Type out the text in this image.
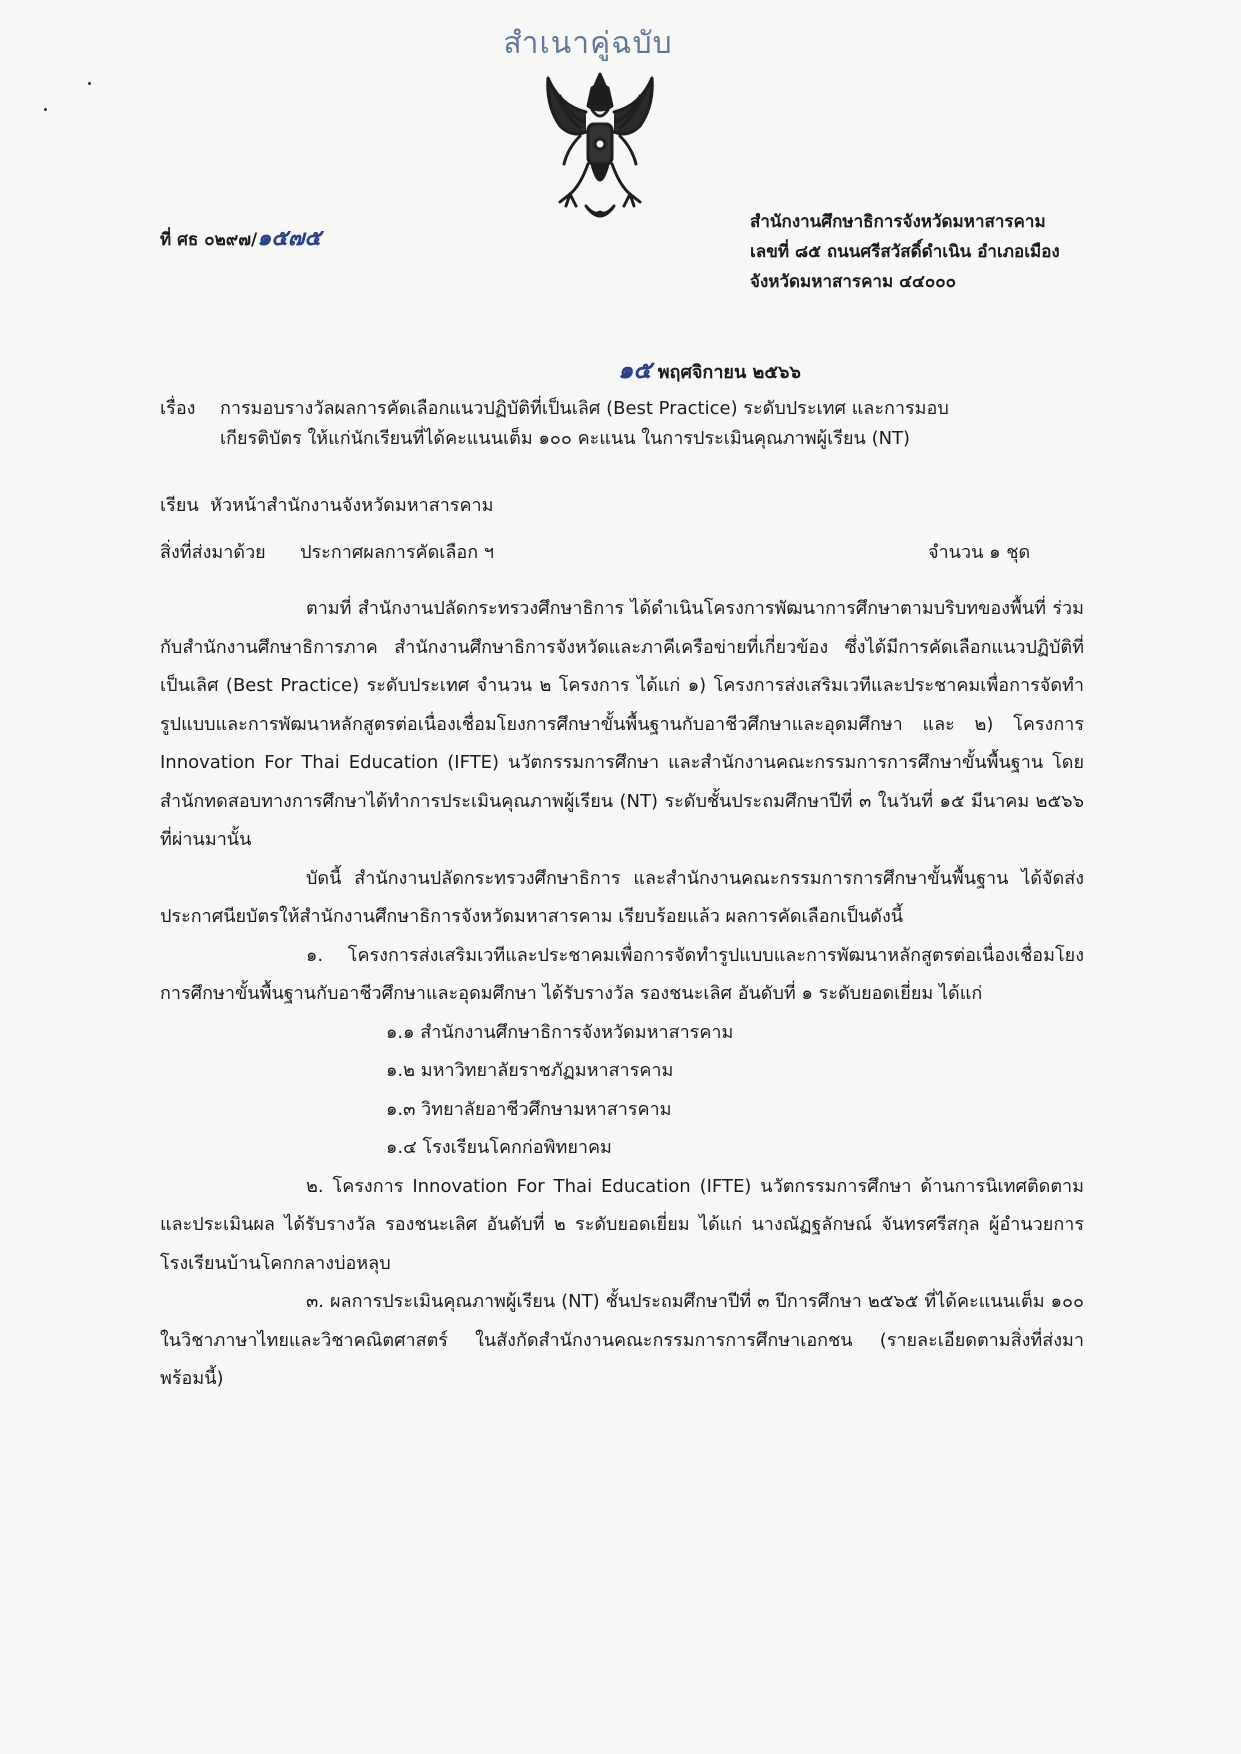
สำเนาคู่ฉบับ
ที่ ศธ ๐๒๙๗/๑๕๗๕
สำนักงานศึกษาธิการจังหวัดมหาสารคาม
เลขที่ ๘๕ ถนนศรีสวัสดิ์ดำเนิน อำเภอเมือง
จังหวัดมหาสารคาม ๔๔๐๐๐
๑๕ พฤศจิกายน ๒๕๖๖
เรื่อง การมอบรางวัลผลการคัดเลือกแนวปฏิบัติที่เป็นเลิศ (Best Practice) ระดับประเทศ และการมอบ
เกียรติบัตร ให้แก่นักเรียนที่ได้คะแนนเต็ม ๑๐๐ คะแนน ในการประเมินคุณภาพผู้เรียน (NT)
เรียน หัวหน้าสำนักงานจังหวัดมหาสารคาม
สิ่งที่ส่งมาด้วย ประกาศผลการคัดเลือก ฯ	จำนวน ๑ ชุด

ตามที่ สำนักงานปลัดกระทรวงศึกษาธิการ ได้ดำเนินโครงการพัฒนาการศึกษาตามบริบทของพื้นที่ ร่วมกับสำนักงานศึกษาธิการภาค สำนักงานศึกษาธิการจังหวัดและภาคีเครือข่ายที่เกี่ยวข้อง ซึ่งได้มีการคัดเลือกแนวปฏิบัติที่เป็นเลิศ (Best Practice) ระดับประเทศ จำนวน ๒ โครงการ ได้แก่ ๑) โครงการส่งเสริมเวทีและประชาคมเพื่อการจัดทำรูปแบบและการพัฒนาหลักสูตรต่อเนื่องเชื่อมโยงการศึกษาขั้นพื้นฐานกับอาชีวศึกษาและอุดมศึกษา และ ๒) โครงการ Innovation For Thai Education (IFTE) นวัตกรรมการศึกษา และสำนักงานคณะกรรมการการศึกษาขั้นพื้นฐาน โดยสำนักทดสอบทางการศึกษาได้ทำการประเมินคุณภาพผู้เรียน (NT) ระดับชั้นประถมศึกษาปีที่ ๓ ในวันที่ ๑๕ มีนาคม ๒๕๖๖ ที่ผ่านมานั้น

บัดนี้ สำนักงานปลัดกระทรวงศึกษาธิการ และสำนักงานคณะกรรมการการศึกษาขั้นพื้นฐาน ได้จัดส่งประกาศนียบัตรให้สำนักงานศึกษาธิการจังหวัดมหาสารคาม เรียบร้อยแล้ว ผลการคัดเลือกเป็นดังนี้

๑. โครงการส่งเสริมเวทีและประชาคมเพื่อการจัดทำรูปแบบและการพัฒนาหลักสูตรต่อเนื่องเชื่อมโยงการศึกษาขั้นพื้นฐานกับอาชีวศึกษาและอุดมศึกษา ได้รับรางวัล รองชนะเลิศ อันดับที่ ๑ ระดับยอดเยี่ยม ได้แก่

๑.๑ สำนักงานศึกษาธิการจังหวัดมหาสารคาม

๑.๒ มหาวิทยาลัยราชภัฏมหาสารคาม

๑.๓ วิทยาลัยอาชีวศึกษามหาสารคาม

๑.๔ โรงเรียนโคกก่อพิทยาคม

๒. โครงการ Innovation For Thai Education (IFTE) นวัตกรรมการศึกษา ด้านการนิเทศติดตามและประเมินผล ได้รับรางวัล รองชนะเลิศ อันดับที่ ๒ ระดับยอดเยี่ยม ได้แก่ นางณัฏฐลักษณ์ จันทรศรีสกุล ผู้อำนวยการโรงเรียนบ้านโคกกลางบ่อหลุบ

๓. ผลการประเมินคุณภาพผู้เรียน (NT) ชั้นประถมศึกษาปีที่ ๓ ปีการศึกษา ๒๕๖๕ ที่ได้คะแนนเต็ม ๑๐๐ ในวิชาภาษาไทยและวิชาคณิตศาสตร์ ในสังกัดสำนักงานคณะกรรมการการศึกษาเอกชน (รายละเอียดตามสิ่งที่ส่งมาพร้อมนี้)
